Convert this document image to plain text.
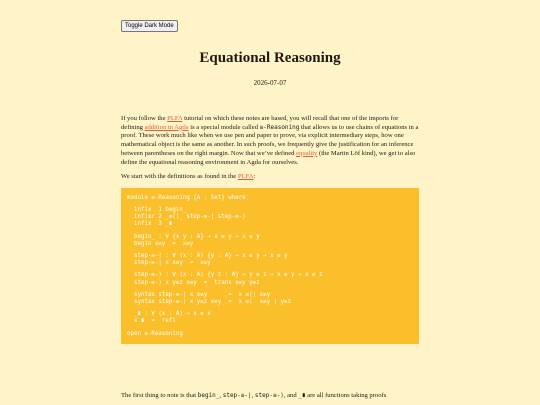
Toggle Dark Mode
Equational Reasoning
2026-07-07

If you follow the PLFA tutorial on which these notes are based, you will recall that one of the imports for defining addition in Agda is a special module called ≡-Reasoning that allows us to use chains of equations in a proof. These work much like when we use pen and paper to prove, via explicit intermediary steps, how one mathematical object is the same as another. In such proofs, we frequently give the justification for an inference between parentheses on the right margin. Now that we’ve defined equality (the Martin Löf kind), we get to also define the equational reasoning environment in Agda for ourselves.

We start with the definitions as found in the PLFA:

module ≡-Reasoning {A : Set} where
infix  1 begin_
infixr 2 _≡⟨⟩_ step-≡-∣ step-≡-⟩
infix  3 _∎
begin_ : ∀ {x y : A} → x ≡ y → x ≡ y
begin x≡y  =  x≡y
step-≡-∣ : ∀ (x : A) {y : A} → x ≡ y → x ≡ y
step-≡-∣ x x≡y  =  x≡y
step-≡-⟩ : ∀ (x : A) {y z : A} → y ≡ z → x ≡ y → x ≡ z
step-≡-⟩ x y≡z x≡y  =  trans x≡y y≡z
syntax step-≡-∣ x x≡y      =  x ≡⟨⟩ x≡y
syntax step-≡-⟩ x y≡z x≡y  =  x ≡⟨  x≡y ⟩ y≡z
_∎ : ∀ (x : A) → x ≡ x
x ∎  =  refl
open ≡-Reasoning
The first thing to note is that begin_, step-≡-∣, step-≡-⟩, and _∎ are all functions taking proofs
